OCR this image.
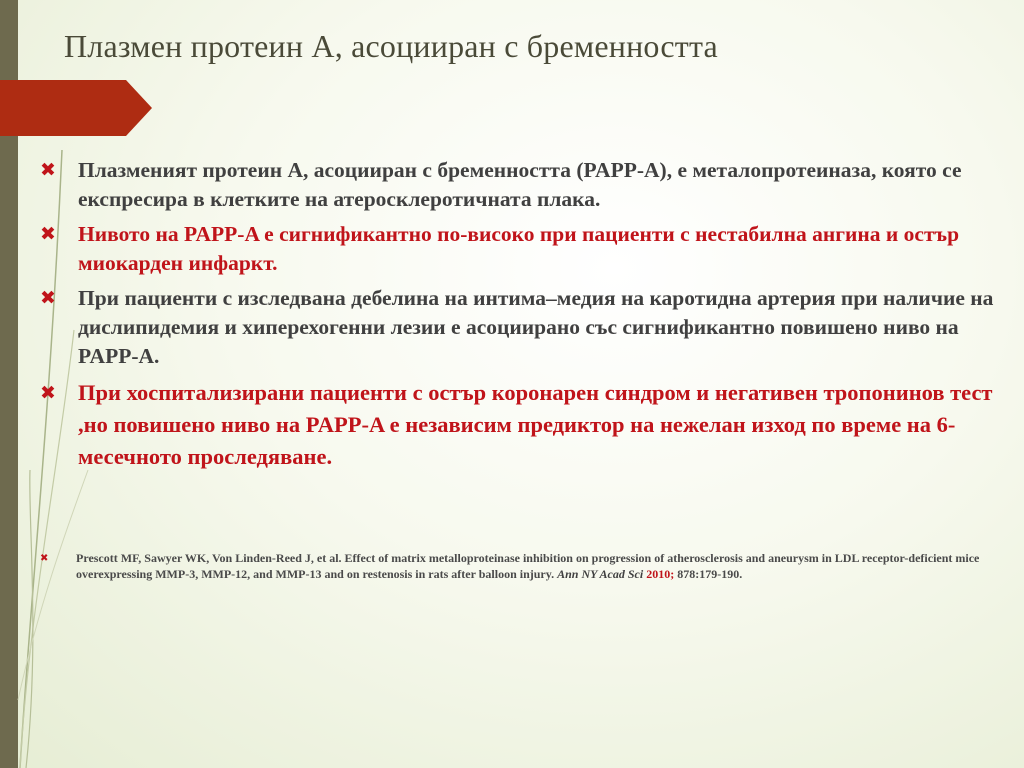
Плазмен протеин А, асоцииран с бременността
✖ Плазменият протеин А, асоцииран с бременността (PAPP-A), е металопротеиназа, която се експресира в клетките на атеросклеротичната плака.
✖ Нивото на PAPP-A е сигнификантно по-високо при пациенти с нестабилна ангина и остър миокарден инфаркт.
✖ При пациенти с изследвана дебелина на интима–медия на каротидна артерия при наличие на дислипидемия и хиперехогенни лезии е асоциирано със сигнификантно повишено ниво на PAPP-A.
✖ При хоспитализирани пациенти с остър коронарен синдром и негативен тропонинов тест ,но повишено ниво на PAPP-A е независим предиктор на нежелан изход по време на 6-месечното проследяване.
✖ Prescott MF, Sawyer WK, Von Linden-Reed J, et al. Effect of matrix metalloproteinase inhibition on progression of atherosclerosis and aneurysm in LDL receptor-deficient mice overexpressing MMP-3, MMP-12, and MMP-13 and on restenosis in rats after balloon injury. Ann NY Acad Sci 2010; 878:179-190.
